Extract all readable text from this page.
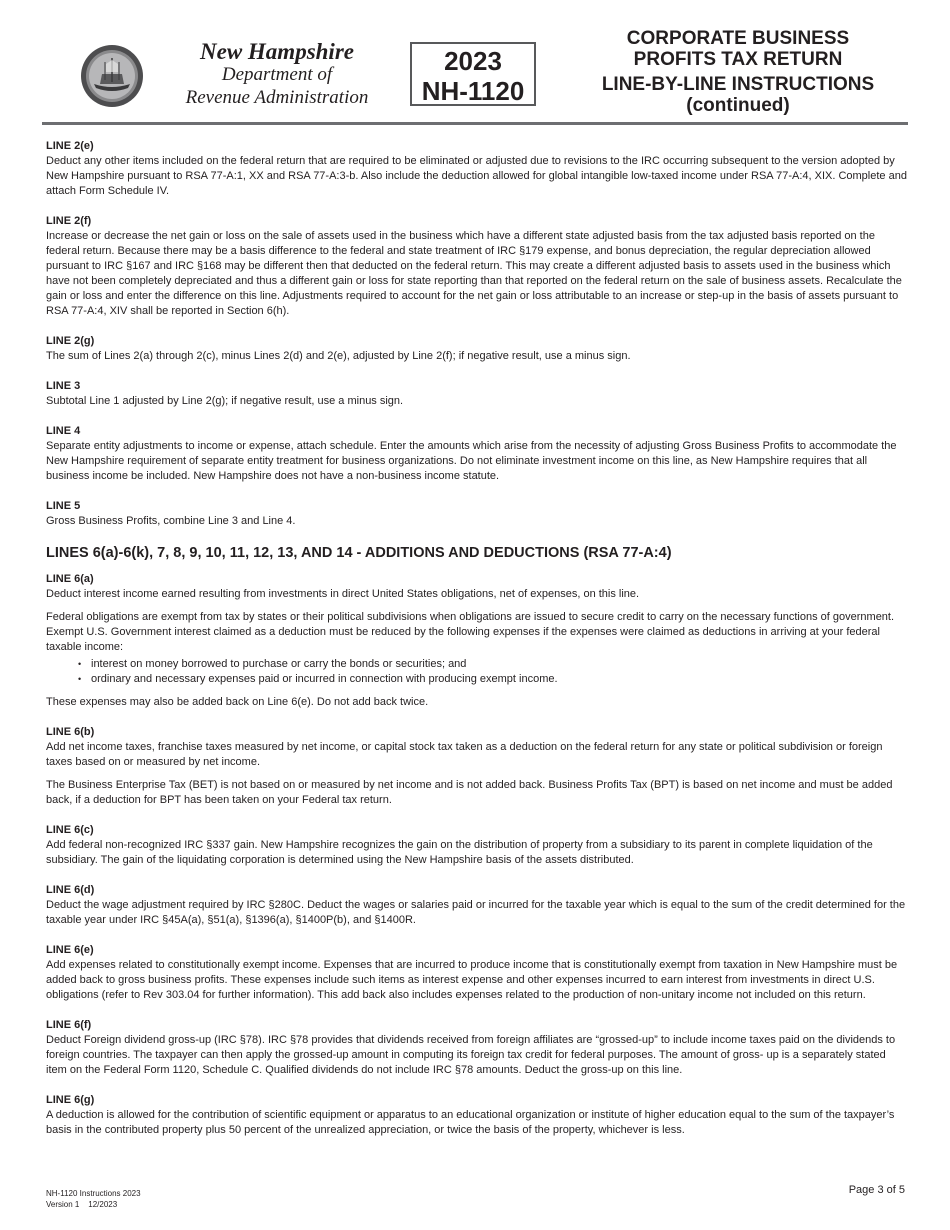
New Hampshire
Department of
Revenue Administration
2023
NH-1120
CORPORATE BUSINESS
PROFITS TAX RETURN
LINE-BY-LINE INSTRUCTIONS
(continued)
LINE 2(e)

Deduct any other items included on the federal return that are required to be eliminated or adjusted due to revisions to the IRC occurring subsequent to the version adopted by New Hampshire pursuant to RSA 77-A:1, XX and RSA 77-A:3-b. Also include the deduction allowed for global intangible low-taxed income under RSA 77-A:4, XIX. Complete and attach Form Schedule IV.

LINE 2(f)

Increase or decrease the net gain or loss on the sale of assets used in the business which have a different state adjusted basis from the tax adjusted basis reported on the federal return. Because there may be a basis difference to the federal and state treatment of IRC §179 expense, and bonus depreciation, the regular depreciation allowed pursuant to IRC §167 and IRC §168 may be different then that deducted on the federal return. This may create a different adjusted basis to assets used in the business which have not been completely depreciated and thus a different gain or loss for state reporting than that reported on the federal return on the sale of business assets. Recalculate the gain or loss and enter the difference on this line. Adjustments required to account for the net gain or loss attributable to an increase or step-up in the basis of assets pursuant to RSA 77-A:4, XIV shall be reported in Section 6(h).

LINE 2(g)

The sum of Lines 2(a) through 2(c), minus Lines 2(d) and 2(e), adjusted by Line 2(f); if negative result, use a minus sign.

LINE 3

Subtotal Line 1 adjusted by Line 2(g); if negative result, use a minus sign.

LINE 4

Separate entity adjustments to income or expense, attach schedule. Enter the amounts which arise from the necessity of adjusting Gross Business Profits to accommodate the New Hampshire requirement of separate entity treatment for business organizations. Do not eliminate investment income on this line, as New Hampshire requires that all business income be included. New Hampshire does not have a non-business income statute.

LINE 5

Gross Business Profits, combine Line 3 and Line 4.

LINES 6(a)-6(k), 7, 8, 9, 10, 11, 12, 13, AND 14 - ADDITIONS AND DEDUCTIONS (RSA 77-A:4)
LINE 6(a)

Deduct interest income earned resulting from investments in direct United States obligations, net of expenses, on this line.

Federal obligations are exempt from tax by states or their political subdivisions when obligations are issued to secure credit to carry on the necessary functions of government. Exempt U.S. Government interest claimed as a deduction must be reduced by the following expenses if the expenses were claimed as deductions in arriving at your federal taxable income:

• interest on money borrowed to purchase or carry the bonds or securities; and
• ordinary and necessary expenses paid or incurred in connection with producing exempt income.

These expenses may also be added back on Line 6(e). Do not add back twice.

LINE 6(b)

Add net income taxes, franchise taxes measured by net income, or capital stock tax taken as a deduction on the federal return for any state or political subdivision or foreign taxes based on or measured by net income.

The Business Enterprise Tax (BET) is not based on or measured by net income and is not added back. Business Profits Tax (BPT) is based on net income and must be added back, if a deduction for BPT has been taken on your Federal tax return.

LINE 6(c)

Add federal non-recognized IRC §337 gain. New Hampshire recognizes the gain on the distribution of property from a subsidiary to its parent in complete liquidation of the subsidiary. The gain of the liquidating corporation is determined using the New Hampshire basis of the assets distributed.

LINE 6(d)

Deduct the wage adjustment required by IRC §280C. Deduct the wages or salaries paid or incurred for the taxable year which is equal to the sum of the credit determined for the taxable year under IRC §45A(a), §51(a), §1396(a), §1400P(b), and §1400R.

LINE 6(e)

Add expenses related to constitutionally exempt income. Expenses that are incurred to produce income that is constitutionally exempt from taxation in New Hampshire must be added back to gross business profits. These expenses include such items as interest expense and other expenses incurred to earn interest from investments in direct U.S. obligations (refer to Rev 303.04 for further information). This add back also includes expenses related to the production of non-unitary income not included on this return.

LINE 6(f)

Deduct Foreign dividend gross-up (IRC §78). IRC §78 provides that dividends received from foreign affiliates are “grossed-up” to include income taxes paid on the dividends to foreign countries. The taxpayer can then apply the grossed-up amount in computing its foreign tax credit for federal purposes. The amount of gross- up is a separately stated item on the Federal Form 1120, Schedule C. Qualified dividends do not include IRC §78 amounts. Deduct the gross-up on this line.

LINE 6(g)

A deduction is allowed for the contribution of scientific equipment or apparatus to an educational organization or institute of higher education equal to the sum of the taxpayer’s basis in the contributed property plus 50 percent of the unrealized appreciation, or twice the basis of the property, whichever is less.

NH-1120 Instructions 2023
Version 1    12/2023
Page 3 of 5
